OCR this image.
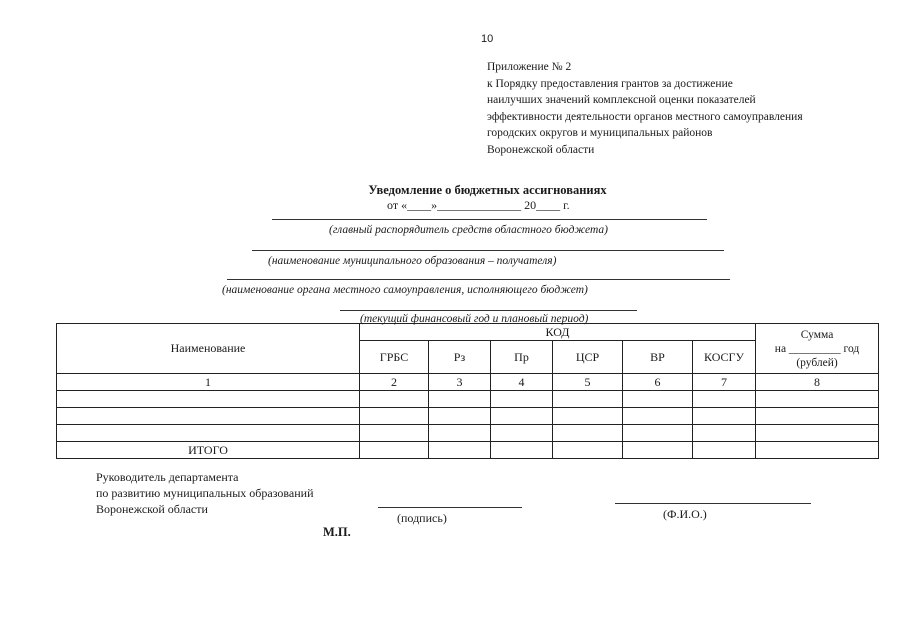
10
Приложение № 2
к Порядку предоставления грантов за достижение
наилучших значений комплексной оценки показателей
эффективности деятельности органов местного самоуправления
городских округов и муниципальных районов
Воронежской области
Уведомление о бюджетных ассигнованиях
от «____»______________ 20____ г.
(главный распорядитель средств областного бюджета)
(наименование муниципального образования – получателя)
(наименование органа местного самоуправления, исполняющего бюджет)
(текущий финансовый год и плановый период)
Наименование	КОД						Сумма
на _________ год
(рублей)

	ГРБС	Рз	Пр	ЦСР	ВР	КОСГУ	
1	2	3	4	5	6	7	8

ИТОГО							
Руководитель департамента
по развитию муниципальных образований
Воронежской области
(подпись)	(Ф.И.О.)
М.П.
